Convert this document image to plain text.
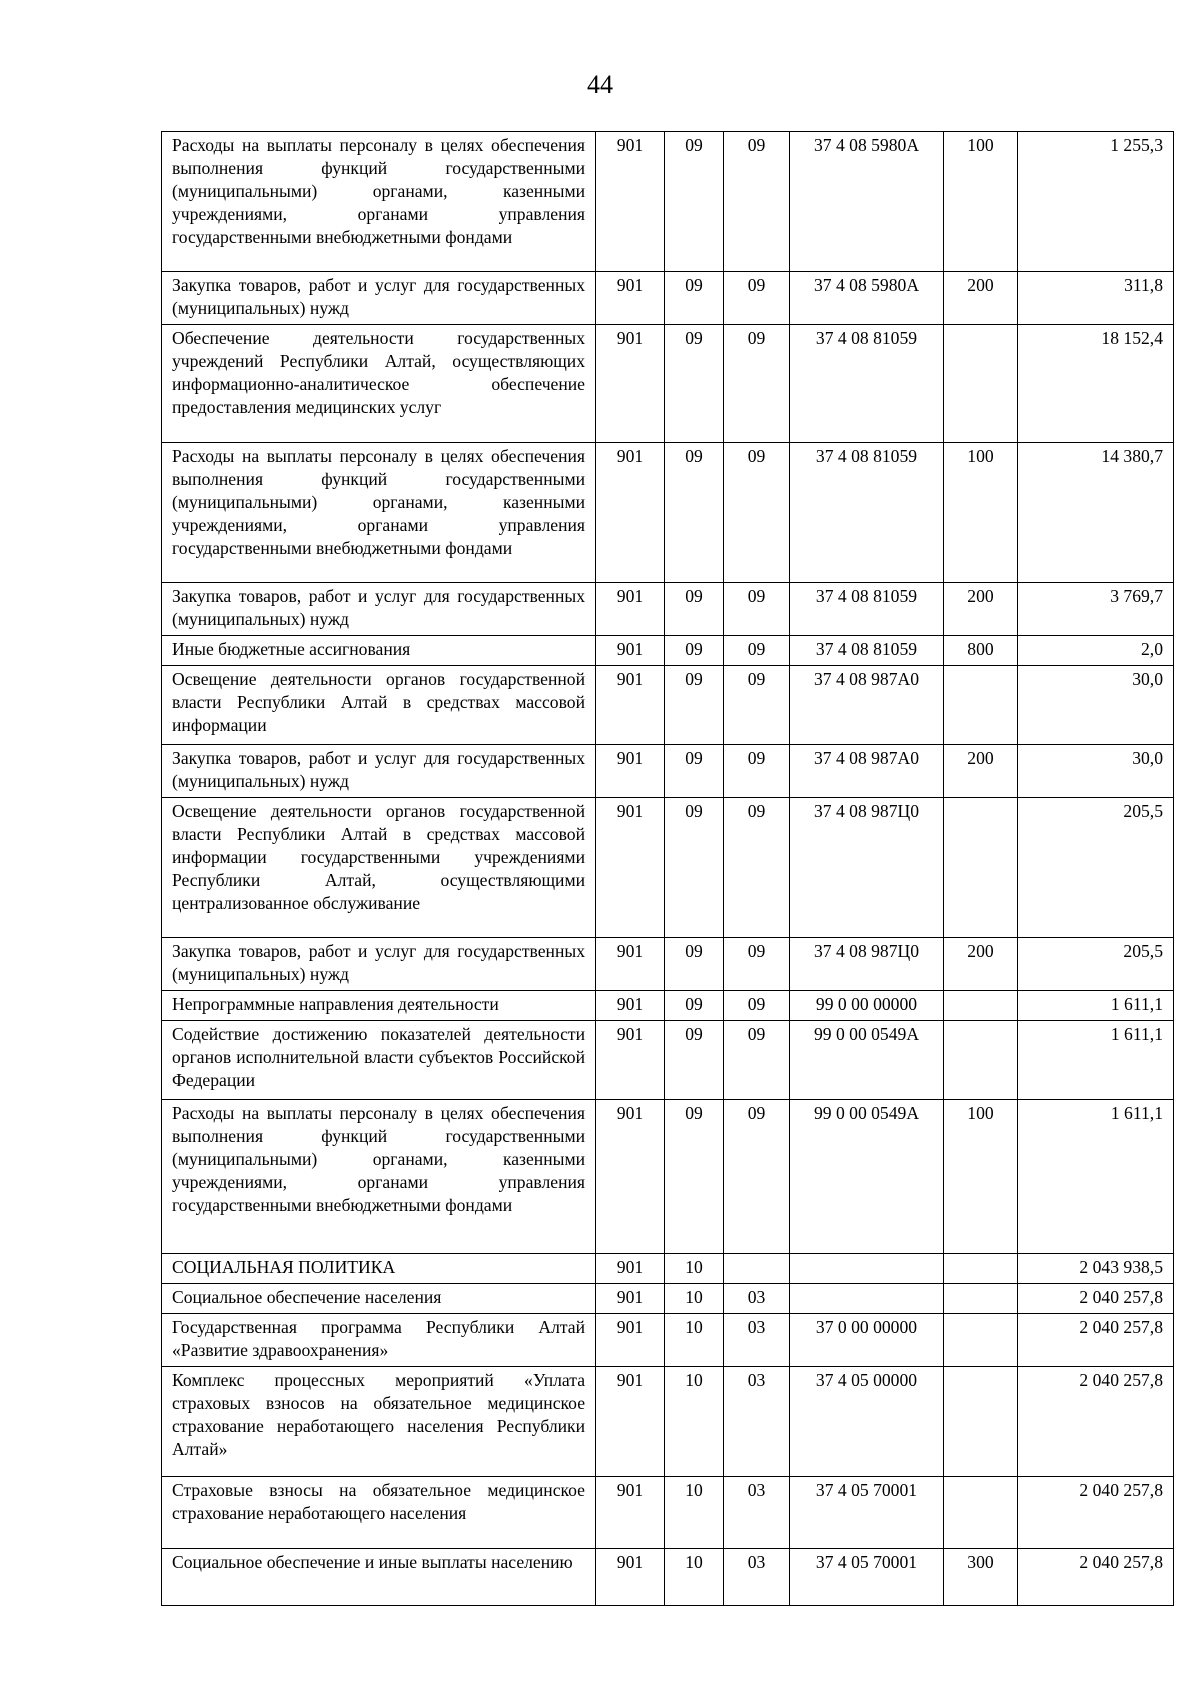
44
Расходы на выплаты персоналу в целях обеспечения выполнения функций государственными (муниципальными) органами, казенными учреждениями, органами управления государственными внебюджетными фондами	901	09	09	37 4 08 5980А	100	1 255,3
Закупка товаров, работ и услуг для государственных (муниципальных) нужд	901	09	09	37 4 08 5980А	200	311,8
Обеспечение деятельности государственных учреждений Республики Алтай, осуществляющих информационно-аналитическое обеспечение предоставления медицинских услуг	901	09	09	37 4 08 81059		18 152,4
Расходы на выплаты персоналу в целях обеспечения выполнения функций государственными (муниципальными) органами, казенными учреждениями, органами управления государственными внебюджетными фондами	901	09	09	37 4 08 81059	100	14 380,7
Закупка товаров, работ и услуг для государственных (муниципальных) нужд	901	09	09	37 4 08 81059	200	3 769,7
Иные бюджетные ассигнования	901	09	09	37 4 08 81059	800	2,0
Освещение деятельности органов государственной власти Республики Алтай в средствах массовой информации	901	09	09	37 4 08 987А0		30,0
Закупка товаров, работ и услуг для государственных (муниципальных) нужд	901	09	09	37 4 08 987А0	200	30,0
Освещение деятельности органов государственной власти Республики Алтай в средствах массовой информации государственными учреждениями Республики Алтай, осуществляющими централизованное обслуживание	901	09	09	37 4 08 987Ц0		205,5
Закупка товаров, работ и услуг для государственных (муниципальных) нужд	901	09	09	37 4 08 987Ц0	200	205,5
Непрограммные направления деятельности	901	09	09	99 0 00 00000		1 611,1
Содействие достижению показателей деятельности органов исполнительной власти субъектов Российской Федерации	901	09	09	99 0 00 0549А		1 611,1
Расходы на выплаты персоналу в целях обеспечения выполнения функций государственными (муниципальными) органами, казенными учреждениями, органами управления государственными внебюджетными фондами	901	09	09	99 0 00 0549А	100	1 611,1
СОЦИАЛЬНАЯ ПОЛИТИКА	901	10				2 043 938,5
Социальное обеспечение населения	901	10	03			2 040 257,8
Государственная программа Республики Алтай «Развитие здравоохранения»	901	10	03	37 0 00 00000		2 040 257,8
Комплекс процессных мероприятий «Уплата страховых взносов на обязательное медицинское страхование неработающего населения Республики Алтай»	901	10	03	37 4 05 00000		2 040 257,8
Страховые взносы на обязательное медицинское страхование неработающего населения	901	10	03	37 4 05 70001		2 040 257,8
Социальное обеспечение и иные выплаты населению	901	10	03	37 4 05 70001	300	2 040 257,8
